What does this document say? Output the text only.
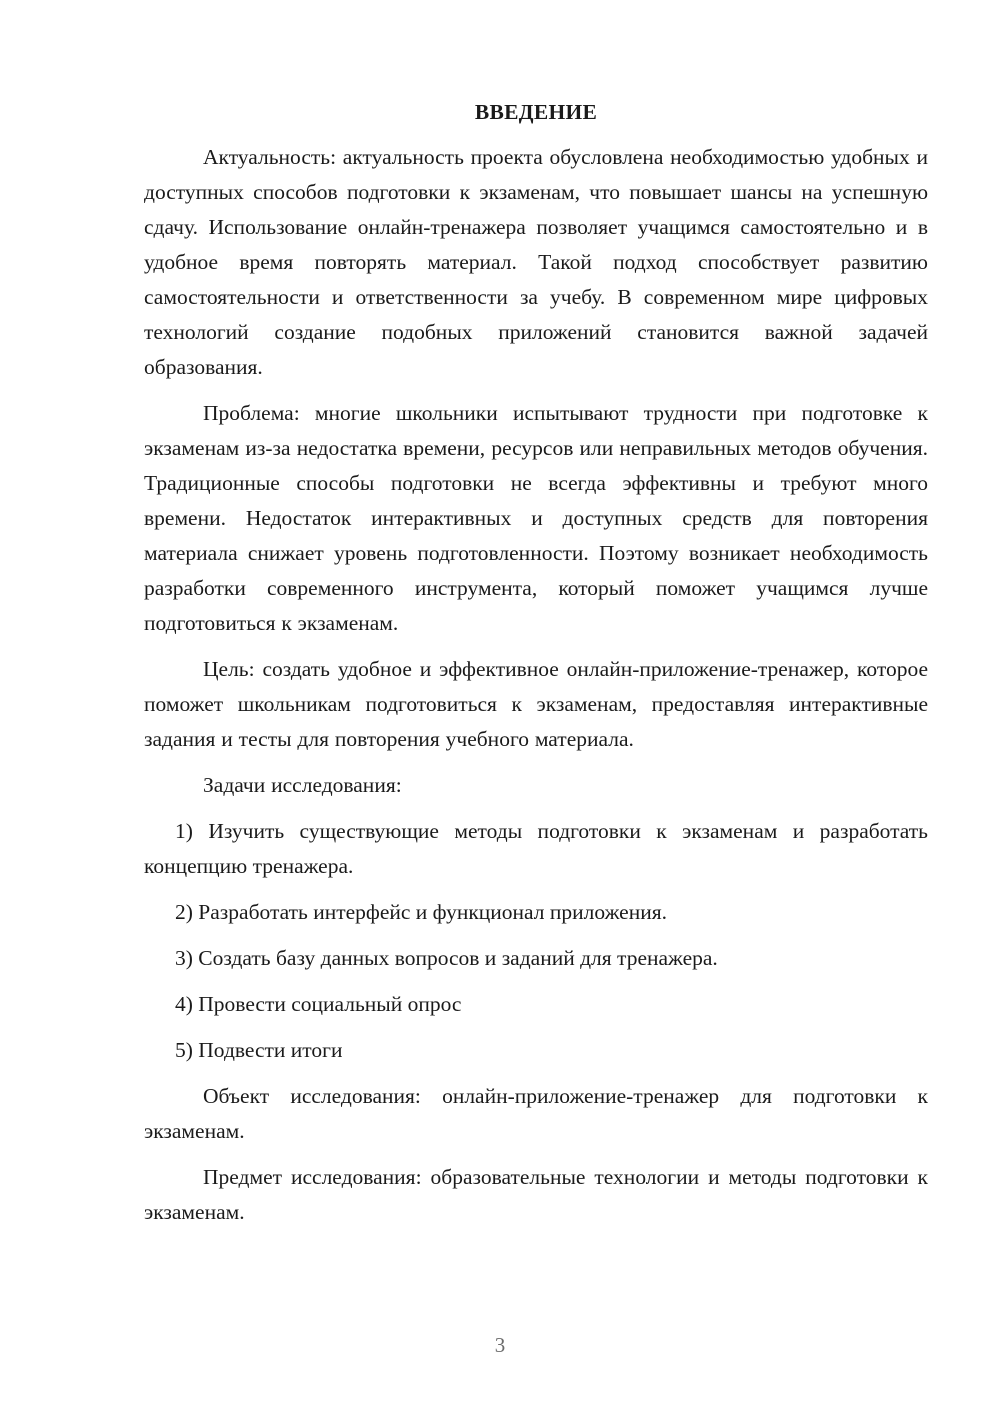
ВВЕДЕНИЕ

Актуальность: актуальность проекта обусловлена необходимостью удобных и доступных способов подготовки к экзаменам, что повышает шансы на успешную сдачу. Использование онлайн-тренажера позволяет учащимся самостоятельно и в удобное время повторять материал. Такой подход способствует развитию самостоятельности и ответственности за учебу. В современном мире цифровых технологий создание подобных приложений становится важной задачей образования.

Проблема: многие школьники испытывают трудности при подготовке к экзаменам из-за недостатка времени, ресурсов или неправильных методов обучения. Традиционные способы подготовки не всегда эффективны и требуют много времени. Недостаток интерактивных и доступных средств для повторения материала снижает уровень подготовленности. Поэтому возникает необходимость разработки современного инструмента, который поможет учащимся лучше подготовиться к экзаменам.

Цель: создать удобное и эффективное онлайн-приложение-тренажер, которое поможет школьникам подготовиться к экзаменам, предоставляя интерактивные задания и тесты для повторения учебного материала.

Задачи исследования:

1) Изучить существующие методы подготовки к экзаменам и разработать концепцию тренажера.

2) Разработать интерфейс и функционал приложения.

3) Создать базу данных вопросов и заданий для тренажера.

4) Провести социальный опрос

5) Подвести итоги

Объект исследования: онлайн-приложение-тренажер для подготовки к экзаменам.

Предмет исследования: образовательные технологии и методы подготовки к экзаменам.

3
